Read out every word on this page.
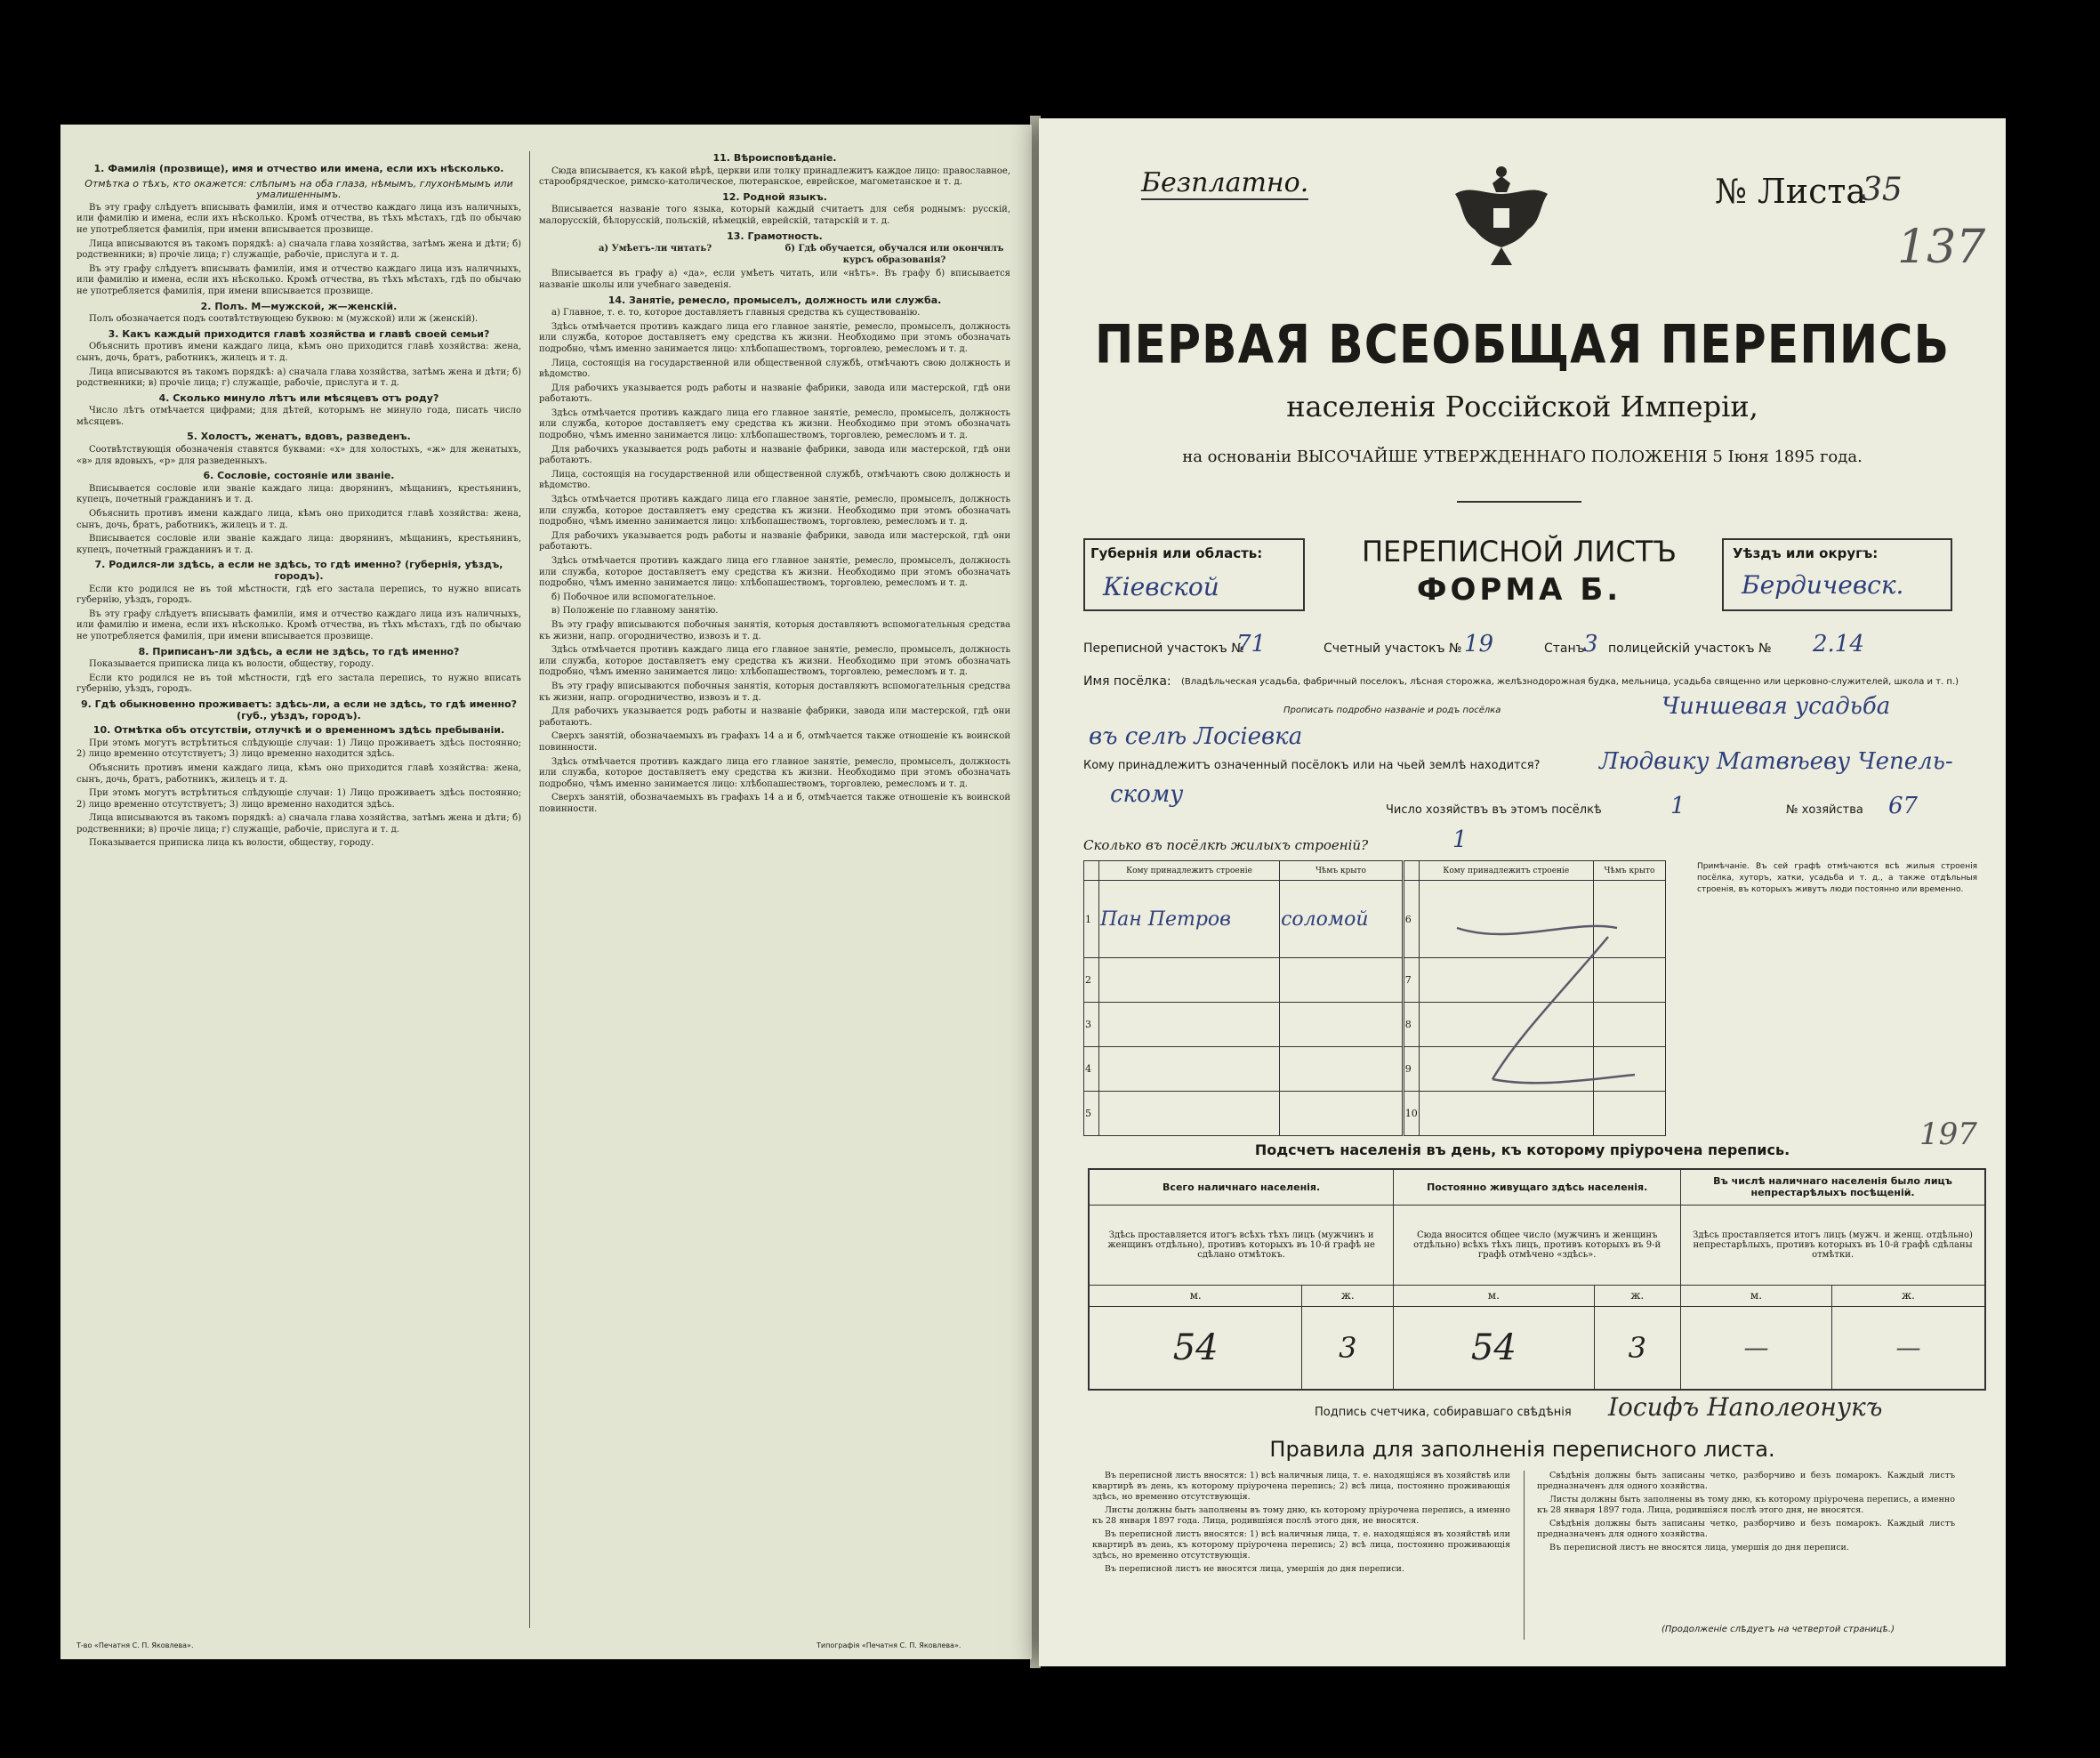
1. Фамилія (прозвище), имя и отчество или имена, если ихъ нѣсколько.
Отмѣтка о тѣхъ, кто окажется: слѣпымъ на оба глаза, нѣмымъ, глухонѣмымъ или умалишеннымъ.

Въ эту графу слѣдуетъ вписывать фамиліи, имя и отчество каждаго лица изъ наличныхъ, или фамилію и имена, если ихъ нѣсколько. Кромѣ отчества, въ тѣхъ мѣстахъ, гдѣ по обычаю не употребляется фамилія, при имени вписывается прозвище.

Лица вписываются въ такомъ порядкѣ: а) сначала глава хозяйства, затѣмъ жена и дѣти; б) родственники; в) прочіе лица; г) служащіе, рабочіе, прислуга и т. д.

Въ эту графу слѣдуетъ вписывать фамиліи, имя и отчество каждаго лица изъ наличныхъ, или фамилію и имена, если ихъ нѣсколько. Кромѣ отчества, въ тѣхъ мѣстахъ, гдѣ по обычаю не употребляется фамилія, при имени вписывается прозвище.

2. Полъ. М—мужской, ж—женскій.

Полъ обозначается подъ соотвѣтствующею буквою: м (мужской) или ж (женскій).

3. Какъ каждый приходится главѣ хозяйства и главѣ своей семьи?

Объяснить противъ имени каждаго лица, кѣмъ оно приходится главѣ хозяйства: жена, сынъ, дочь, братъ, работникъ, жилецъ и т. д.

Лица вписываются въ такомъ порядкѣ: а) сначала глава хозяйства, затѣмъ жена и дѣти; б) родственники; в) прочіе лица; г) служащіе, рабочіе, прислуга и т. д.

4. Сколько минуло лѣтъ или мѣсяцевъ отъ роду?

Число лѣтъ отмѣчается цифрами; для дѣтей, которымъ не минуло года, писать число мѣсяцевъ.

5. Холостъ, женатъ, вдовъ, разведенъ.

Соотвѣтствующія обозначенія ставятся буквами: «х» для холостыхъ, «ж» для женатыхъ, «в» для вдовыхъ, «р» для разведенныхъ.

6. Сословіе, состояніе или званіе.

Вписывается сословіе или званіе каждаго лица: дворянинъ, мѣщанинъ, крестьянинъ, купецъ, почетный гражданинъ и т. д.

Объяснить противъ имени каждаго лица, кѣмъ оно приходится главѣ хозяйства: жена, сынъ, дочь, братъ, работникъ, жилецъ и т. д.

Вписывается сословіе или званіе каждаго лица: дворянинъ, мѣщанинъ, крестьянинъ, купецъ, почетный гражданинъ и т. д.

7. Родился-ли здѣсь, а если не здѣсь, то гдѣ именно? (губернія, уѣздъ, городъ).

Если кто родился не въ той мѣстности, гдѣ его застала перепись, то нужно вписать губернію, уѣздъ, городъ.

Въ эту графу слѣдуетъ вписывать фамиліи, имя и отчество каждаго лица изъ наличныхъ, или фамилію и имена, если ихъ нѣсколько. Кромѣ отчества, въ тѣхъ мѣстахъ, гдѣ по обычаю не употребляется фамилія, при имени вписывается прозвище.

8. Приписанъ-ли здѣсь, а если не здѣсь, то гдѣ именно?

Показывается приписка лица къ волости, обществу, городу.

Если кто родился не въ той мѣстности, гдѣ его застала перепись, то нужно вписать губернію, уѣздъ, городъ.

9. Гдѣ обыкновенно проживаетъ: здѣсь-ли, а если не здѣсь, то гдѣ именно? (губ., уѣздъ, городъ).
10. Отмѣтка объ отсутствіи, отлучкѣ и о временномъ здѣсь пребываніи.

При этомъ могутъ встрѣтиться слѣдующіе случаи: 1) Лицо проживаетъ здѣсь постоянно; 2) лицо временно отсутствуетъ; 3) лицо временно находится здѣсь.

Объяснить противъ имени каждаго лица, кѣмъ оно приходится главѣ хозяйства: жена, сынъ, дочь, братъ, работникъ, жилецъ и т. д.

При этомъ могутъ встрѣтиться слѣдующіе случаи: 1) Лицо проживаетъ здѣсь постоянно; 2) лицо временно отсутствуетъ; 3) лицо временно находится здѣсь.

Лица вписываются въ такомъ порядкѣ: а) сначала глава хозяйства, затѣмъ жена и дѣти; б) родственники; в) прочіе лица; г) служащіе, рабочіе, прислуга и т. д.

Показывается приписка лица къ волости, обществу, городу.

Т-во «Печатня С. П. Яковлева».
11. Вѣроисповѣданіе.

Сюда вписывается, къ какой вѣрѣ, церкви или толку принадлежитъ каждое лицо: православное, старообрядческое, римско-католическое, лютеранское, еврейское, магометанское и т. д.

12. Родной языкъ.

Вписывается названіе того языка, который каждый считаетъ для себя роднымъ: русскій, малорусскій, бѣлорусскій, польскій, нѣмецкій, еврейскій, татарскій и т. д.

13. Грамотность.
а) Умѣетъ-ли читать?	б) Гдѣ обучается, обучался или окончилъ курсъ образованія?

Вписывается въ графу а) «да», если умѣетъ читать, или «нѣтъ». Въ графу б) вписывается названіе школы или учебнаго заведенія.

14. Занятіе, ремесло, промыселъ, должность или служба.

а) Главное, т. е. то, которое доставляетъ главныя средства къ существованію.

Здѣсь отмѣчается противъ каждаго лица его главное занятіе, ремесло, промыселъ, должность или служба, которое доставляетъ ему средства къ жизни. Необходимо при этомъ обозначать подробно, чѣмъ именно занимается лицо: хлѣбопашествомъ, торговлею, ремесломъ и т. д.

Лица, состоящія на государственной или общественной службѣ, отмѣчаютъ свою должность и вѣдомство.

Для рабочихъ указывается родъ работы и названіе фабрики, завода или мастерской, гдѣ они работаютъ.

Здѣсь отмѣчается противъ каждаго лица его главное занятіе, ремесло, промыселъ, должность или служба, которое доставляетъ ему средства къ жизни. Необходимо при этомъ обозначать подробно, чѣмъ именно занимается лицо: хлѣбопашествомъ, торговлею, ремесломъ и т. д.

Для рабочихъ указывается родъ работы и названіе фабрики, завода или мастерской, гдѣ они работаютъ.

Лица, состоящія на государственной или общественной службѣ, отмѣчаютъ свою должность и вѣдомство.

Здѣсь отмѣчается противъ каждаго лица его главное занятіе, ремесло, промыселъ, должность или служба, которое доставляетъ ему средства къ жизни. Необходимо при этомъ обозначать подробно, чѣмъ именно занимается лицо: хлѣбопашествомъ, торговлею, ремесломъ и т. д.

Для рабочихъ указывается родъ работы и названіе фабрики, завода или мастерской, гдѣ они работаютъ.

Здѣсь отмѣчается противъ каждаго лица его главное занятіе, ремесло, промыселъ, должность или служба, которое доставляетъ ему средства къ жизни. Необходимо при этомъ обозначать подробно, чѣмъ именно занимается лицо: хлѣбопашествомъ, торговлею, ремесломъ и т. д.

б) Побочное или вспомогательное.

в) Положеніе по главному занятію.

Въ эту графу вписываются побочныя занятія, которыя доставляютъ вспомогательныя средства къ жизни, напр. огородничество, извозъ и т. д.

Здѣсь отмѣчается противъ каждаго лица его главное занятіе, ремесло, промыселъ, должность или служба, которое доставляетъ ему средства къ жизни. Необходимо при этомъ обозначать подробно, чѣмъ именно занимается лицо: хлѣбопашествомъ, торговлею, ремесломъ и т. д.

Въ эту графу вписываются побочныя занятія, которыя доставляютъ вспомогательныя средства къ жизни, напр. огородничество, извозъ и т. д.

Для рабочихъ указывается родъ работы и названіе фабрики, завода или мастерской, гдѣ они работаютъ.

Сверхъ занятій, обозначаемыхъ въ графахъ 14 а и б, отмѣчается также отношеніе къ воинской повинности.

Здѣсь отмѣчается противъ каждаго лица его главное занятіе, ремесло, промыселъ, должность или служба, которое доставляетъ ему средства къ жизни. Необходимо при этомъ обозначать подробно, чѣмъ именно занимается лицо: хлѣбопашествомъ, торговлею, ремесломъ и т. д.

Сверхъ занятій, обозначаемыхъ въ графахъ 14 а и б, отмѣчается также отношеніе къ воинской повинности.

Типографія «Печатня С. П. Яковлева».
Безплатно.	№ Листа
35
137
ПЕРВАЯ ВСЕОБЩАЯ ПЕРЕПИСЬ
населенія Россійской Имперіи,
на основаніи ВЫСОЧАЙШЕ УТВЕРЖДЕННАГО ПОЛОЖЕНІЯ 5 Іюня 1895 года.
Губернія или область:
Кіевской
ПЕРЕПИСНОЙ ЛИСТЪ
ФОРМА Б.
Уѣздъ или округъ:
Бердичевск.
Переписной участокъ №
71	Счетный участокъ № 19	Станъ
3 полицейскій участокъ № 2.14
Имя посёлка: (Владѣльческая усадьба, фабричный поселокъ, лѣсная сторожка, желѣзнодорожная будка, мельница, усадьба священно или церковно-служителей, школа и т. п.)
Прописать подробно названіе и родъ посёлка	Чиншевая усадьба
въ селѣ Лосіевка
Кому принадлежитъ означенный посёлокъ или на чьей землѣ находится?	Людвику Матвѣеву Чепель-
скому
Число хозяйствъ въ этомъ посёлкѣ	1	№ хозяйства 67
Сколько въ посёлкѣ жилыхъ строеній?	1
	Кому принадлежитъ строеніе	Чѣмъ крыто		Кому принадлежитъ строеніе	Чѣмъ крыто
1	Пан Петров	соломой	6		
2			7		
3			8		
4			9		
5			10		
Примѣчаніе. Въ сей графѣ отмѣчаются всѣ жилыя строенія посёлка, хуторъ, хатки, усадьба и т. д., а также отдѣльныя строенія, въ которыхъ живутъ люди постоянно или временно.
197
Подсчетъ населенія въ день, къ которому пріурочена перепись.
Всего наличнаго населенія.		Постоянно живущаго здѣсь населенія.		Въ числѣ наличнаго населенія было лицъ непрестарѣлыхъ посѣщеній.	
Здѣсь проставляется итогъ всѣхъ тѣхъ лицъ (мужчинъ и женщинъ отдѣльно), противъ которыхъ въ 10-й графѣ не сдѣлано отмѣтокъ.		Сюда вносится общее число (мужчинъ и женщинъ отдѣльно) всѣхъ тѣхъ лицъ, противъ которыхъ въ 9-й графѣ отмѣчено «здѣсь».		Здѣсь проставляется итогъ лицъ (мужч. и женщ. отдѣльно) непрестарѣлыхъ, противъ которыхъ въ 10-й графѣ сдѣланы отмѣтки.	
м.	ж.	м.	ж.	м.	ж.
54	3	54	3	—	—
Подпись счетчика, собиравшаго свѣдѣнія Іосифъ Наполеонукъ
Правила для заполненія переписного листа.

Въ переписной листъ вносятся: 1) всѣ наличныя лица, т. е. находящіяся въ хозяйствѣ или квартирѣ въ день, къ которому пріурочена перепись; 2) всѣ лица, постоянно проживающія здѣсь, но временно отсутствующія.

Листы должны быть заполнены въ тому дню, къ которому пріурочена перепись, а именно къ 28 января 1897 года. Лица, родившіяся послѣ этого дня, не вносятся.

Въ переписной листъ вносятся: 1) всѣ наличныя лица, т. е. находящіяся въ хозяйствѣ или квартирѣ въ день, къ которому пріурочена перепись; 2) всѣ лица, постоянно проживающія здѣсь, но временно отсутствующія.

Въ переписной листъ не вносятся лица, умершія до дня переписи.

Свѣдѣнія должны быть записаны четко, разборчиво и безъ помарокъ. Каждый листъ предназначенъ для одного хозяйства.

Листы должны быть заполнены въ тому дню, къ которому пріурочена перепись, а именно къ 28 января 1897 года. Лица, родившіяся послѣ этого дня, не вносятся.

Свѣдѣнія должны быть записаны четко, разборчиво и безъ помарокъ. Каждый листъ предназначенъ для одного хозяйства.

Въ переписной листъ не вносятся лица, умершія до дня переписи.

(Продолженіе слѣдуетъ на четвертой страницѣ.)
